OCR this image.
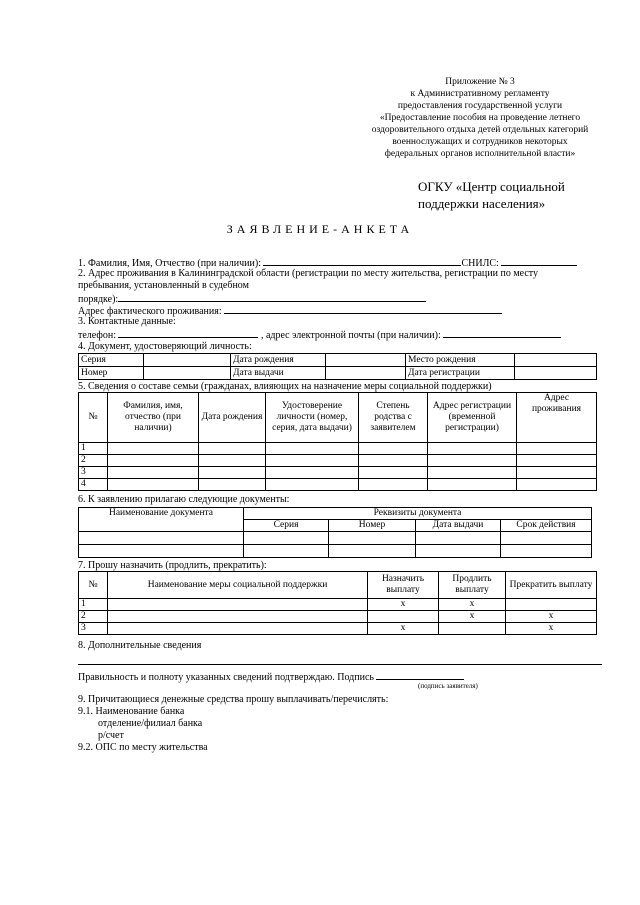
Приложение № 3
к Административному регламенту
предоставления государственной услуги
«Предоставление пособия на проведение летнего
оздоровительного отдыха детей отдельных категорий
военнослужащих и сотрудников некоторых
федеральных органов исполнительной власти»
ОГКУ «Центр социальной
поддержки населения»
ЗАЯВЛЕНИЕ-АНКЕТА
1. Фамилия, Имя, Отчество (при наличии):	СНИЛС:
2. Адрес проживания в Калининградской области (регистрации по месту жительства, регистрации по месту
пребывания, установленный в судебном
порядке):
Адрес фактического проживания:
3. Контактные данные:
телефон:	, адрес электронной почты (при наличии):
4. Документ, удостоверяющий личность:
Серия		Дата рождения		Место рождения	
Номер		Дата выдачи		Дата регистрации	
5. Сведения о составе семьи (гражданах, влияющих на назначение меры социальной поддержки)
№	Фамилия, имя, отчество (при наличии)	Дата рождения	Удостоверение личности (номер, серия, дата выдачи)	Степень родства с заявителем	Адрес регистрации (временной регистрации)	Адрес проживания
1						
2						
3						
4						
6. К заявлению прилагаю следующие документы:
Наименование документа	Реквизиты документа			
	Серия	Номер	Дата выдачи	Срок действия

7. Прошу назначить (продлить, прекратить):
№	Наименование меры социальной поддержки	Назначить выплату	Продлить выплату	Прекратить выплату
1		x	x	
2			x	x
3		x		x
8. Дополнительные сведения
Правильность и полноту указанных сведений подтверждаю. Подпись
(подпись заявителя)
9. Причитающиеся денежные средства прошу выплачивать/перечислять:
9.1. Наименование банка
отделение/филиал банка
р/счет
9.2. ОПС по месту жительства
